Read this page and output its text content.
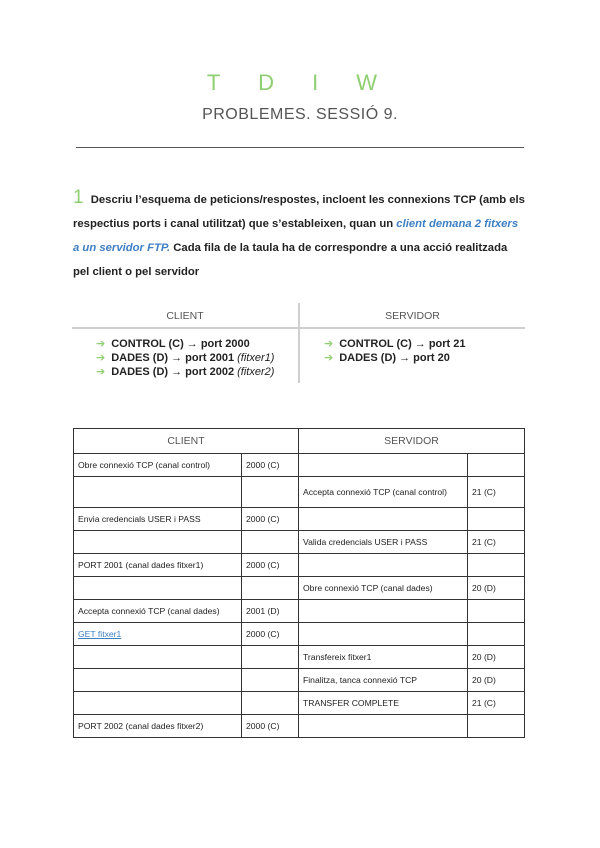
T D I W
PROBLEMES. SESSIÓ 9.
1 Descriu l’esquema de peticions/respostes, incloent les connexions TCP (amb els respectius ports i canal utilitzat) que s’estableixen, quan un client demana 2 fitxers a un servidor FTP. Cada fila de la taula ha de correspondre a una acció realitzada pel client o pel servidor
CLIENT
➔ CONTROL (C) → port 2000
➔ DADES (D) → port 2001 (fitxer1)
➔ DADES (D) → port 2002 (fitxer2)
SERVIDOR
➔ CONTROL (C) → port 21
➔ DADES (D) → port 20
CLIENT		SERVIDOR	
Obre connexió TCP (canal control)	2000 (C)		
		Accepta connexió TCP (canal control)	21 (C)
Envia credencials USER i PASS	2000 (C)		
		Valida credencials USER i PASS	21 (C)
PORT 2001 (canal dades fitxer1)	2000 (C)		
		Obre connexió TCP (canal dades)	20 (D)
Accepta connexió TCP (canal dades)	2001 (D)		
GET fitxer1	2000 (C)		
		Transfereix fitxer1	20 (D)
		Finalitza, tanca connexió TCP	20 (D)
		TRANSFER COMPLETE	21 (C)
PORT 2002 (canal dades fitxer2)	2000 (C)		
